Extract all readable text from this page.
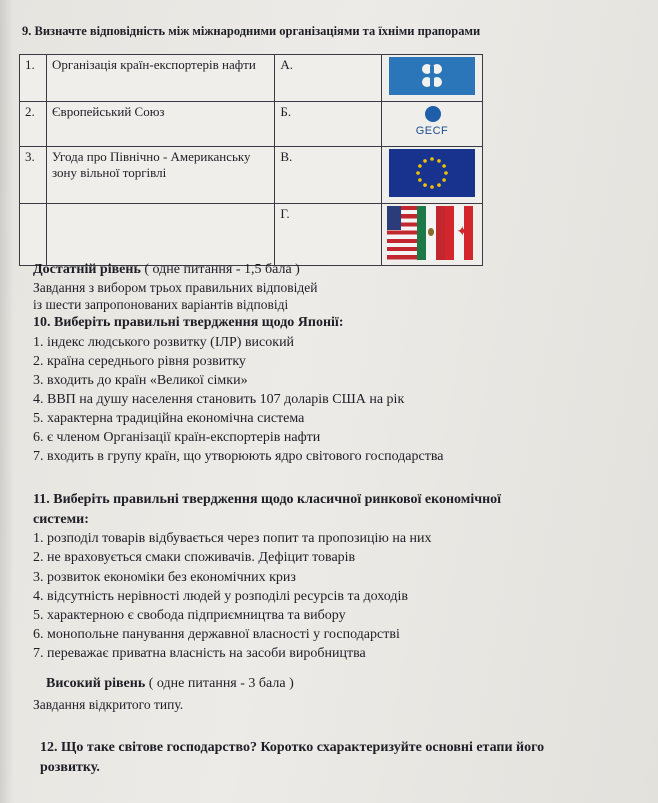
9. Визначте відповідність між міжнародними організаціями та їхніми прапорами
1.	Організація країн-експортерів нафти	А.	

2.	Європейський Союз	Б.	GECF

3.	Угода про Північно - Американську зону вільної торгівлі	В.	

		Г.	✦
Достатній рівень ( одне питання - 1,5 бала )
Завдання з вибором трьох правильних відповідей
із шести запропонованих варіантів відповіді
10. Виберіть правильні твердження щодо Японії:
1. індекс людського розвитку (ІЛР) високий
2. країна середнього рівня розвитку
3. входить до країн «Великої сімки»
4. ВВП на душу населення становить 107 доларів США на рік
5. характерна традиційна економічна система
6. є членом Організації країн-експортерів нафти
7. входить в групу країн, що утворюють ядро світового господарства
11. Виберіть правильні твердження щодо класичної ринкової економічної
системи:
1. розподіл товарів відбувається через попит та пропозицію на них
2. не враховується смаки споживачів. Дефіцит товарів
3. розвиток економіки без економічних криз
4. відсутність нерівності людей у розподілі ресурсів та доходів
5. характерною є свобода підприємництва та вибору
6. монопольне панування державної власності у господарстві
7. переважає приватна власність на засоби виробництва
Високий рівень ( одне питання - 3 бала )
Завдання відкритого типу.
12. Що таке світове господарство? Коротко схарактеризуйте основні етапи його
розвитку.
